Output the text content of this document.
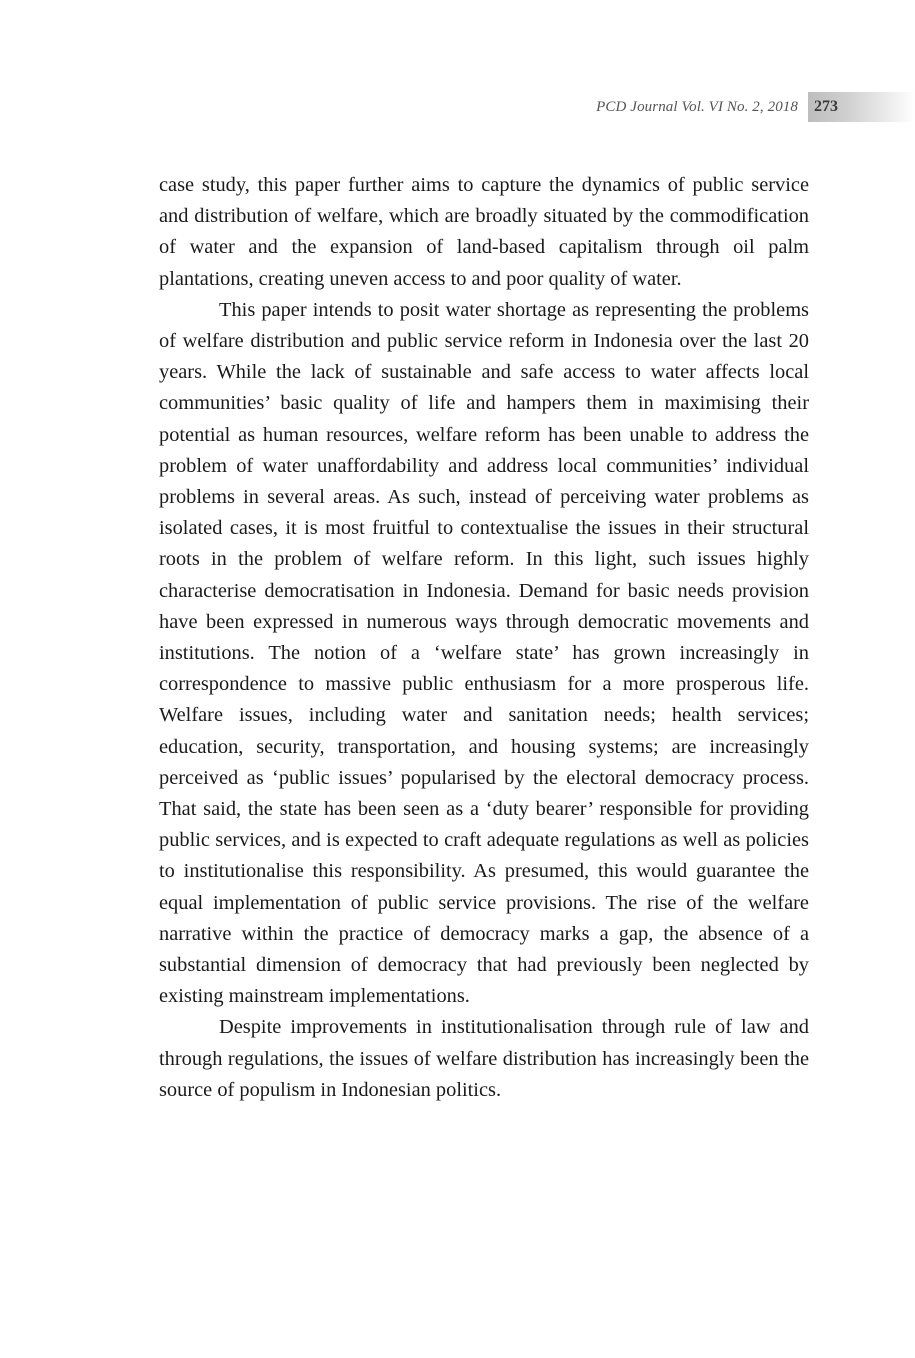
PCD Journal Vol. VI No. 2, 2018 273

case study, this paper further aims to capture the dynamics of public service and distribution of welfare, which are broadly situated by the commodification of water and the expansion of land-based capitalism through oil palm plantations, creating uneven access to and poor quality of water.

This paper intends to posit water shortage as representing the problems of welfare distribution and public service reform in Indonesia over the last 20 years. While the lack of sustainable and safe access to water affects local communities’ basic quality of life and hampers them in maximising their potential as human resources, welfare reform has been unable to address the problem of water unaffordability and address local communities’ individual problems in several areas. As such, instead of perceiving water problems as isolated cases, it is most fruitful to contextualise the issues in their structural roots in the problem of welfare reform. In this light, such issues highly characterise democratisation in Indonesia. Demand for basic needs provision have been expressed in numerous ways through democratic movements and institutions. The notion of a ‘welfare state’ has grown increasingly in correspondence to massive public enthusiasm for a more prosperous life. Welfare issues, including water and sanitation needs; health services; education, security, transportation, and housing systems; are increasingly perceived as ‘public issues’ popularised by the electoral democracy process. That said, the state has been seen as a ‘duty bearer’ responsible for providing public services, and is expected to craft adequate regulations as well as policies to institutionalise this responsibility. As presumed, this would guarantee the equal implementation of public service provisions. The rise of the welfare narrative within the practice of democracy marks a gap, the absence of a substantial dimension of democracy that had previously been neglected by existing mainstream implementations.

Despite improvements in institutionalisation through rule of law and through regulations, the issues of welfare distribution has increasingly been the source of populism in Indonesian politics.
